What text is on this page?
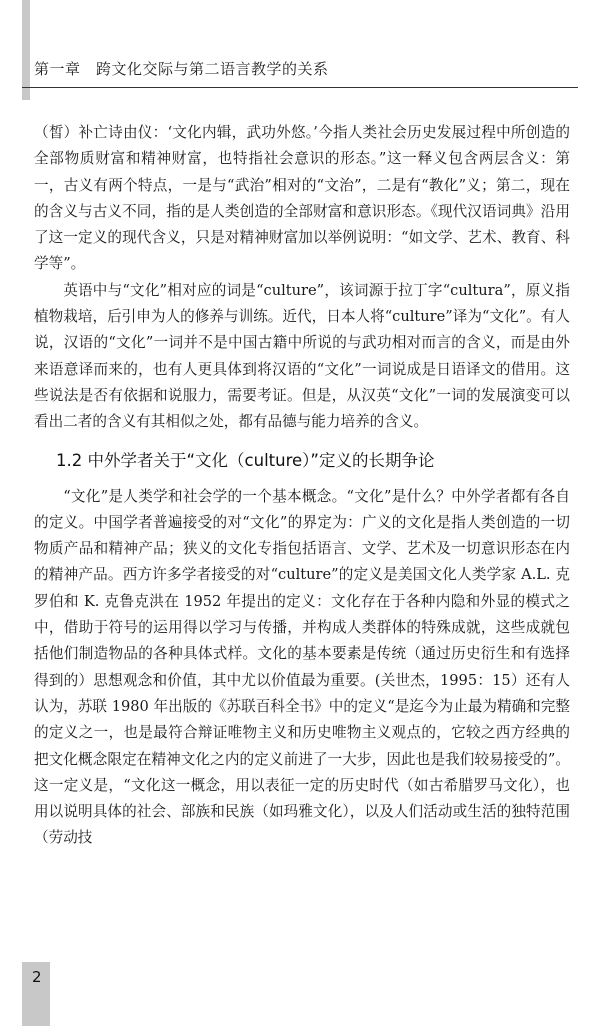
第一章　跨文化交际与第二语言教学的关系

（皙）补亡诗由仪：‘文化内辑，武功外悠。’今指人类社会历史发展过程中所创造的全部物质财富和精神财富，也特指社会意识的形态。”这一释义包含两层含义：第一，古义有两个特点，一是与“武治”相对的“文治”，二是有“教化”义；第二，现在的含义与古义不同，指的是人类创造的全部财富和意识形态。《现代汉语词典》沿用了这一定义的现代含义，只是对精神财富加以举例说明：“如文学、艺术、教育、科学等”。

英语中与“文化”相对应的词是“culture”，该词源于拉丁字“cultura”，原义指植物栽培，后引申为人的修养与训练。近代，日本人将“culture”译为“文化”。有人说，汉语的“文化”一词并不是中国古籍中所说的与武功相对而言的含义，而是由外来语意译而来的，也有人更具体到将汉语的“文化”一词说成是日语译文的借用。这些说法是否有依据和说服力，需要考证。但是，从汉英“文化”一词的发展演变可以看出二者的含义有其相似之处，都有品德与能力培养的含义。

1.2 中外学者关于“文化（culture）”定义的长期争论

“文化”是人类学和社会学的一个基本概念。“文化”是什么？中外学者都有各自的定义。中国学者普遍接受的对“文化”的界定为：广义的文化是指人类创造的一切物质产品和精神产品；狭义的文化专指包括语言、文学、艺术及一切意识形态在内的精神产品。西方许多学者接受的对“culture”的定义是美国文化人类学家 A.L. 克罗伯和 K. 克鲁克洪在 1952 年提出的定义：文化存在于各种内隐和外显的模式之中，借助于符号的运用得以学习与传播，并构成人类群体的特殊成就，这些成就包括他们制造物品的各种具体式样。文化的基本要素是传统（通过历史衍生和有选择得到的）思想观念和价值，其中尤以价值最为重要。(关世杰，1995：15）还有人认为，苏联 1980 年出版的《苏联百科全书》中的定义“是迄今为止最为精确和完整的定义之一，也是最符合辩证唯物主义和历史唯物主义观点的，它较之西方经典的把文化概念限定在精神文化之内的定义前进了一大步，因此也是我们较易接受的”。这一定义是，“文化这一概念，用以表征一定的历史时代（如古希腊罗马文化），也用以说明具体的社会、部族和民族（如玛雅文化），以及人们活动或生活的独特范围（劳动技

2
